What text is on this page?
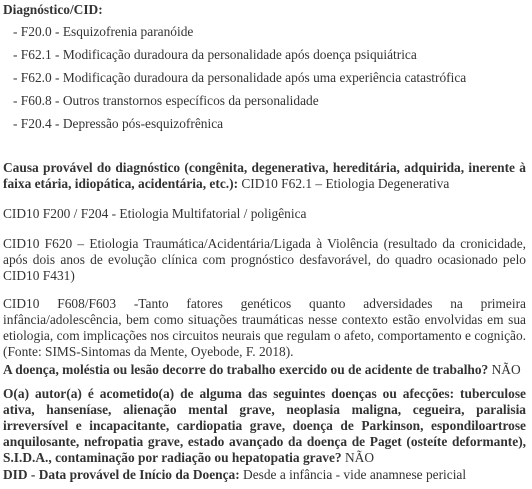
Diagnóstico/CID:
- F20.0 - Esquizofrenia paranóide
- F62.1 - Modificação duradoura da personalidade após doença psiquiátrica
- F62.0 - Modificação duradoura da personalidade após uma experiência catastrófica
- F60.8 - Outros transtornos específicos da personalidade
- F20.4 - Depressão pós-esquizofrênica

Causa provável do diagnóstico (congênita, degenerativa, hereditária, adquirida, inerente à faixa etária, idiopática, acidentária, etc.): CID10 F62.1 – Etiologia Degenerativa

CID10 F200 / F204 - Etiologia Multifatorial / poligênica

CID10 F620 – Etiologia Traumática/Acidentária/Ligada à Violência (resultado da cronicidade, após dois anos de evolução clínica com prognóstico desfavorável, do quadro ocasionado pelo CID10 F431)

CID10 F608/F603 -Tanto fatores genéticos quanto adversidades na primeira infância/adolescência, bem como situações traumáticas nesse contexto estão envolvidas em sua etiologia, com implicações nos circuitos neurais que regulam o afeto, comportamento e cognição. (Fonte: SIMS-Sintomas da Mente, Oyebode, F. 2018).

A doença, moléstia ou lesão decorre do trabalho exercido ou de acidente de trabalho? NÃO

O(a) autor(a) é acometido(a) de alguma das seguintes doenças ou afecções: tuberculose ativa, hanseníase, alienação mental grave, neoplasia maligna, cegueira, paralisia irreversível e incapacitante, cardiopatia grave, doença de Parkinson, espondiloartrose anquilosante, nefropatia grave, estado avançado da doença de Paget (osteíte deformante), S.I.D.A., contaminação por radiação ou hepatopatia grave? NÃO

DID - Data provável de Início da Doença: Desde a infância - vide anamnese pericial
